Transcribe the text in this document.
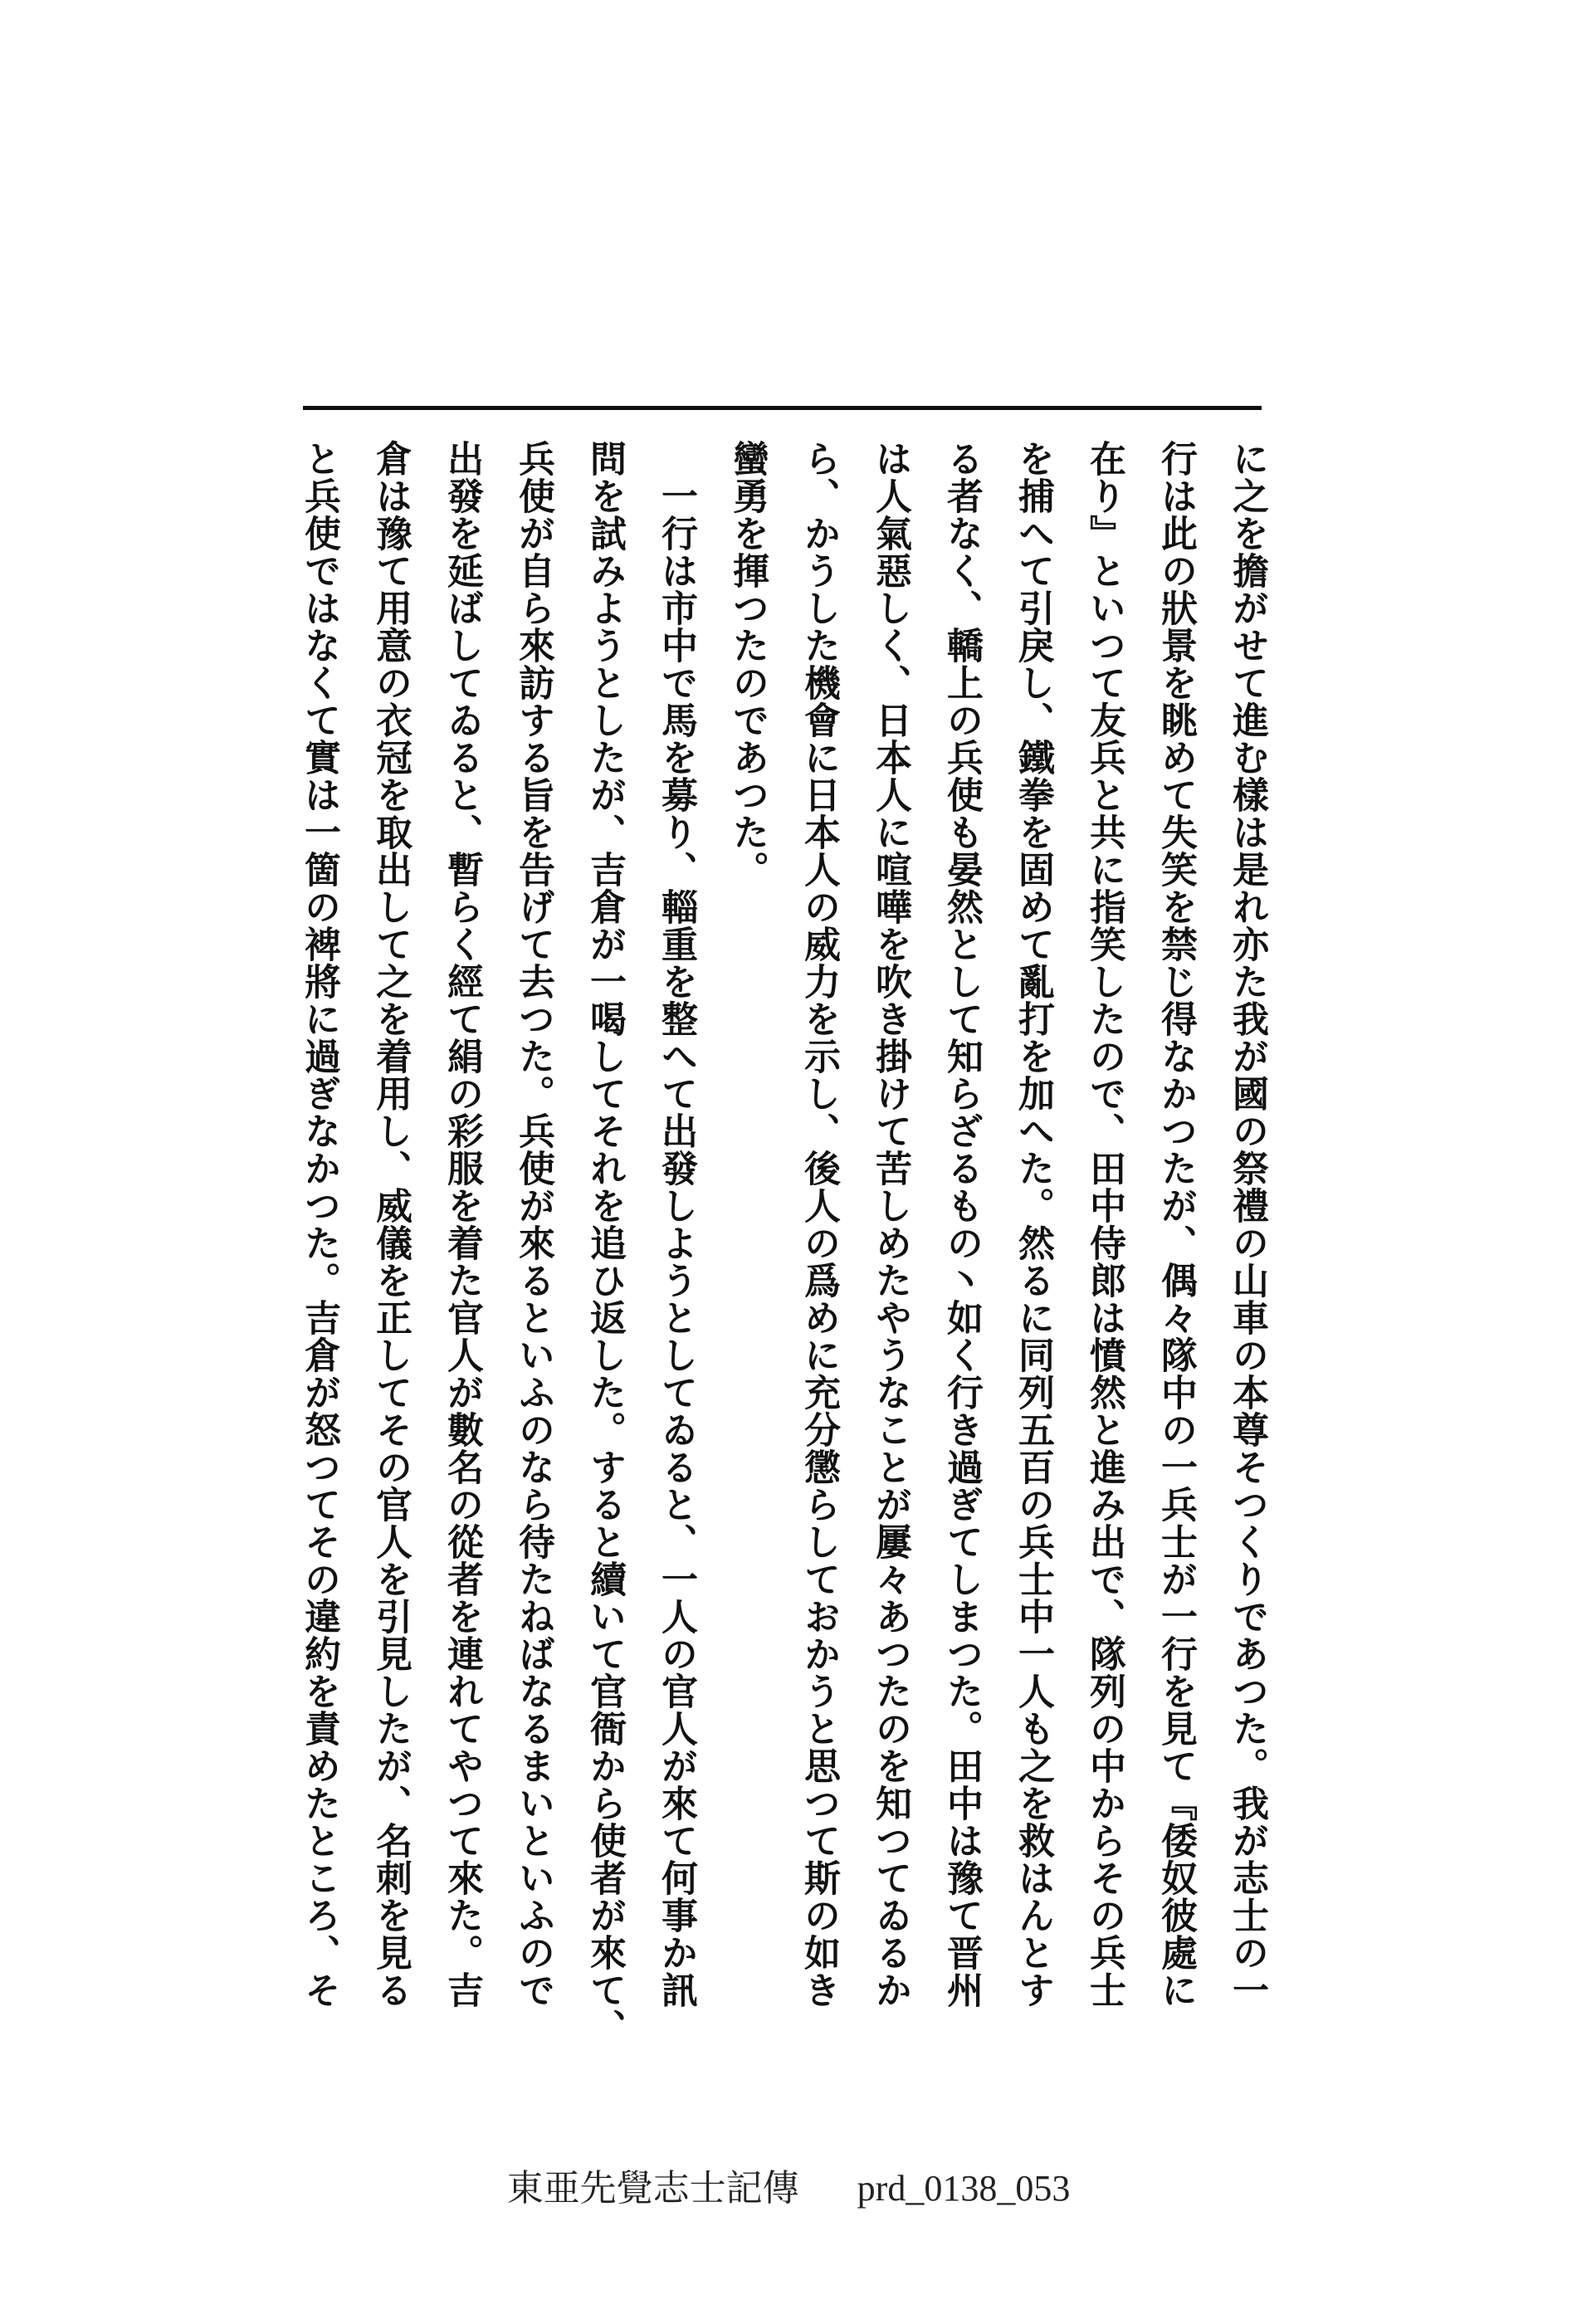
に之を擔がせて進む樣は是れ亦た我が國の祭禮の山車の本尊そつくりであつた。我が志士の一
行は此の狀景を眺めて失笑を禁じ得なかつたが、偶々隊中の一兵士が一行を見て『倭奴彼處に
在り』といつて友兵と共に指笑したので、田中侍郎は憤然と進み出で、隊列の中からその兵士
を捕へて引戾し、鐵拳を固めて亂打を加へた。然るに同列五百の兵士中一人も之を救はんとす
る者なく、轎上の兵使も晏然として知らざるもの丶如く行き過ぎてしまつた。田中は豫て晋州
は人氣惡しく、日本人に喧嘩を吹き掛けて苦しめたやうなことが屢々あつたのを知つてゐるか
ら、かうした機會に日本人の威力を示し、後人の爲めに充分懲らしておかうと思つて斯の如き
蠻勇を揮つたのであつた。
　一行は市中で馬を募り、輜重を整へて出發しようとしてゐると、一人の官人が來て何事か訊
問を試みようとしたが、吉倉が一喝してそれを追ひ返した。すると續いて官衙から使者が來て、
兵使が自ら來訪する旨を告げて去つた。兵使が來るといふのなら待たねばなるまいといふので
出發を延ばしてゐると、暫らく經て絹の彩服を着た官人が數名の從者を連れてやつて來た。吉
倉は豫て用意の衣冠を取出して之を着用し、威儀を正してその官人を引見したが、名刺を見る
と兵使ではなくて實は一箇の裨將に過ぎなかつた。吉倉が怒つてその違約を責めたところ、そ
東亜先覺志士記傳 prd_0138_053
